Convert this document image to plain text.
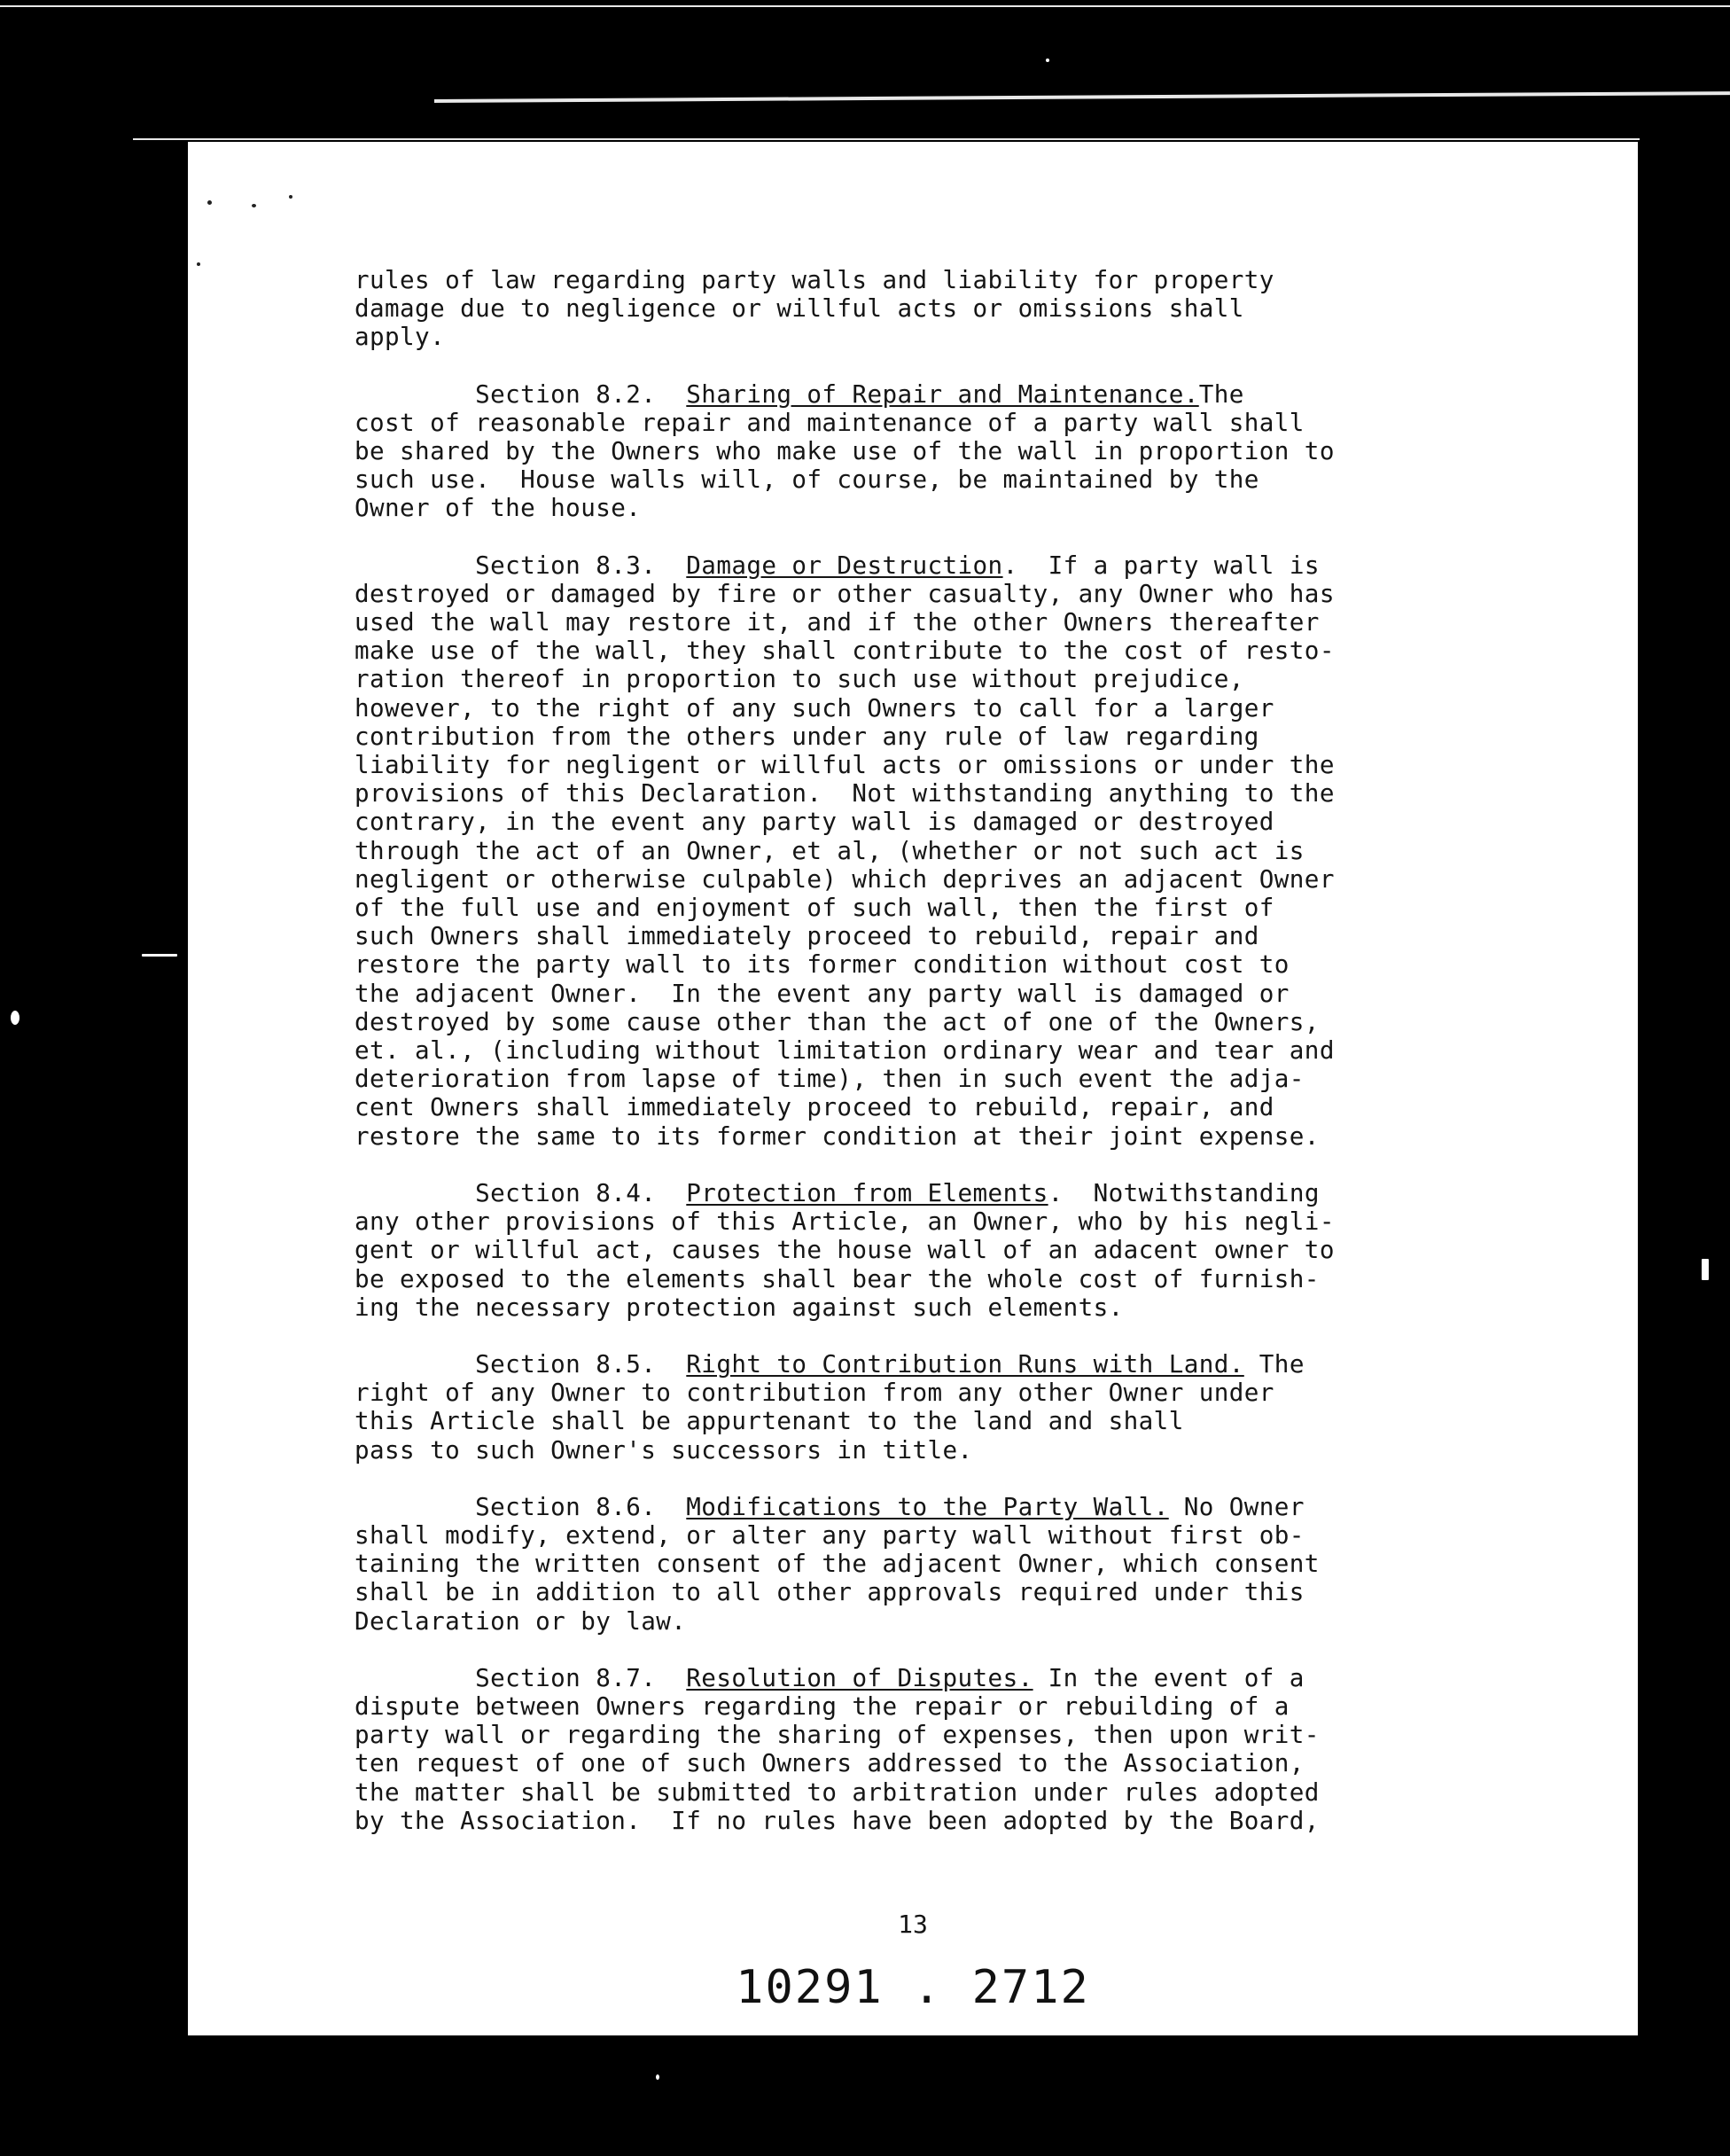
rules of law regarding party walls and liability for property
damage due to negligence or willful acts or omissions shall
apply.
Section 8.2. Sharing of Repair and Maintenance.The
cost of reasonable repair and maintenance of a party wall shall
be shared by the Owners who make use of the wall in proportion to
such use.  House walls will, of course, be maintained by the
Owner of the house.
Section 8.3. Damage or Destruction.  If a party wall is
destroyed or damaged by fire or other casualty, any Owner who has
used the wall may restore it, and if the other Owners thereafter
make use of the wall, they shall contribute to the cost of resto-
ration thereof in proportion to such use without prejudice,
however, to the right of any such Owners to call for a larger
contribution from the others under any rule of law regarding
liability for negligent or willful acts or omissions or under the
provisions of this Declaration.  Not withstanding anything to the
contrary, in the event any party wall is damaged or destroyed
through the act of an Owner, et al, (whether or not such act is
negligent or otherwise culpable) which deprives an adjacent Owner
of the full use and enjoyment of such wall, then the first of
such Owners shall immediately proceed to rebuild, repair and
restore the party wall to its former condition without cost to
the adjacent Owner.  In the event any party wall is damaged or
destroyed by some cause other than the act of one of the Owners,
et. al., (including without limitation ordinary wear and tear and
deterioration from lapse of time), then in such event the adja-
cent Owners shall immediately proceed to rebuild, repair, and
restore the same to its former condition at their joint expense.
Section 8.4. Protection from Elements.  Notwithstanding
any other provisions of this Article, an Owner, who by his negli-
gent or willful act, causes the house wall of an adacent owner to
be exposed to the elements shall bear the whole cost of furnish-
ing the necessary protection against such elements.
Section 8.5. Right to Contribution Runs with Land. The
right of any Owner to contribution from any other Owner under
this Article shall be appurtenant to the land and shall
pass to such Owner's successors in title.
Section 8.6. Modifications to the Party Wall. No Owner
shall modify, extend, or alter any party wall without first ob-
taining the written consent of the adjacent Owner, which consent
shall be in addition to all other approvals required under this
Declaration or by law.
Section 8.7. Resolution of Disputes. In the event of a
dispute between Owners regarding the repair or rebuilding of a
party wall or regarding the sharing of expenses, then upon writ-
ten request of one of such Owners addressed to the Association,
the matter shall be submitted to arbitration under rules adopted
by the Association.  If no rules have been adopted by the Board,
13
10291 . 2712
